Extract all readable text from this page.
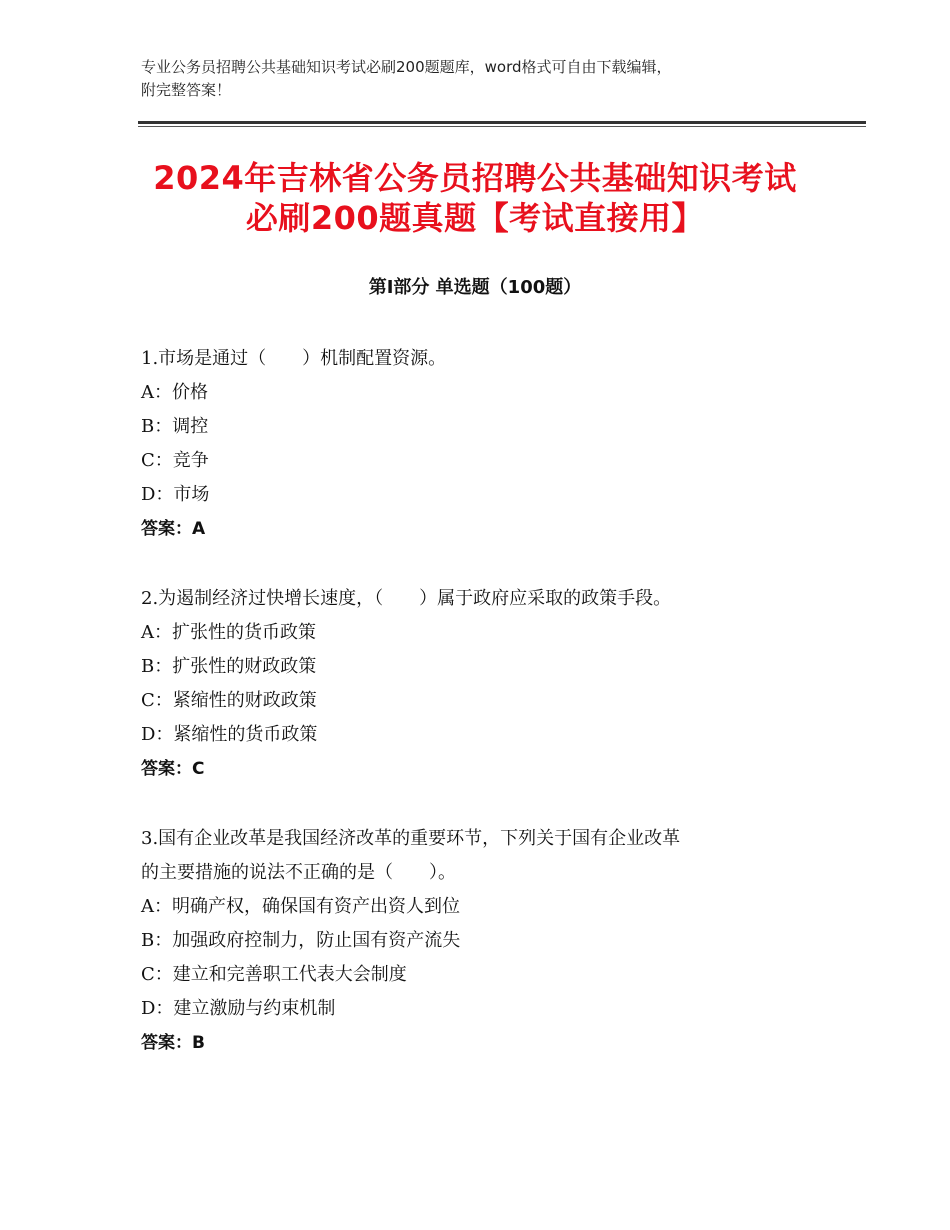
专业公务员招聘公共基础知识考试必刷200题题库，word格式可自由下载编辑，
附完整答案！
2024年吉林省公务员招聘公共基础知识考试
必刷200题真题【考试直接用】
第Ⅰ部分 单选题（100题）

1.市场是通过（　　）机制配置资源。

A：价格

B：调控

C：竞争

D：市场

答案：A

2.为遏制经济过快增长速度，（　　）属于政府应采取的政策手段。

A：扩张性的货币政策

B：扩张性的财政政策

C：紧缩性的财政政策

D：紧缩性的货币政策

答案：C

3.国有企业改革是我国经济改革的重要环节，下列关于国有企业改革

的主要措施的说法不正确的是（　　）。

A：明确产权，确保国有资产出资人到位

B：加强政府控制力，防止国有资产流失

C：建立和完善职工代表大会制度

D：建立激励与约束机制

答案：B
